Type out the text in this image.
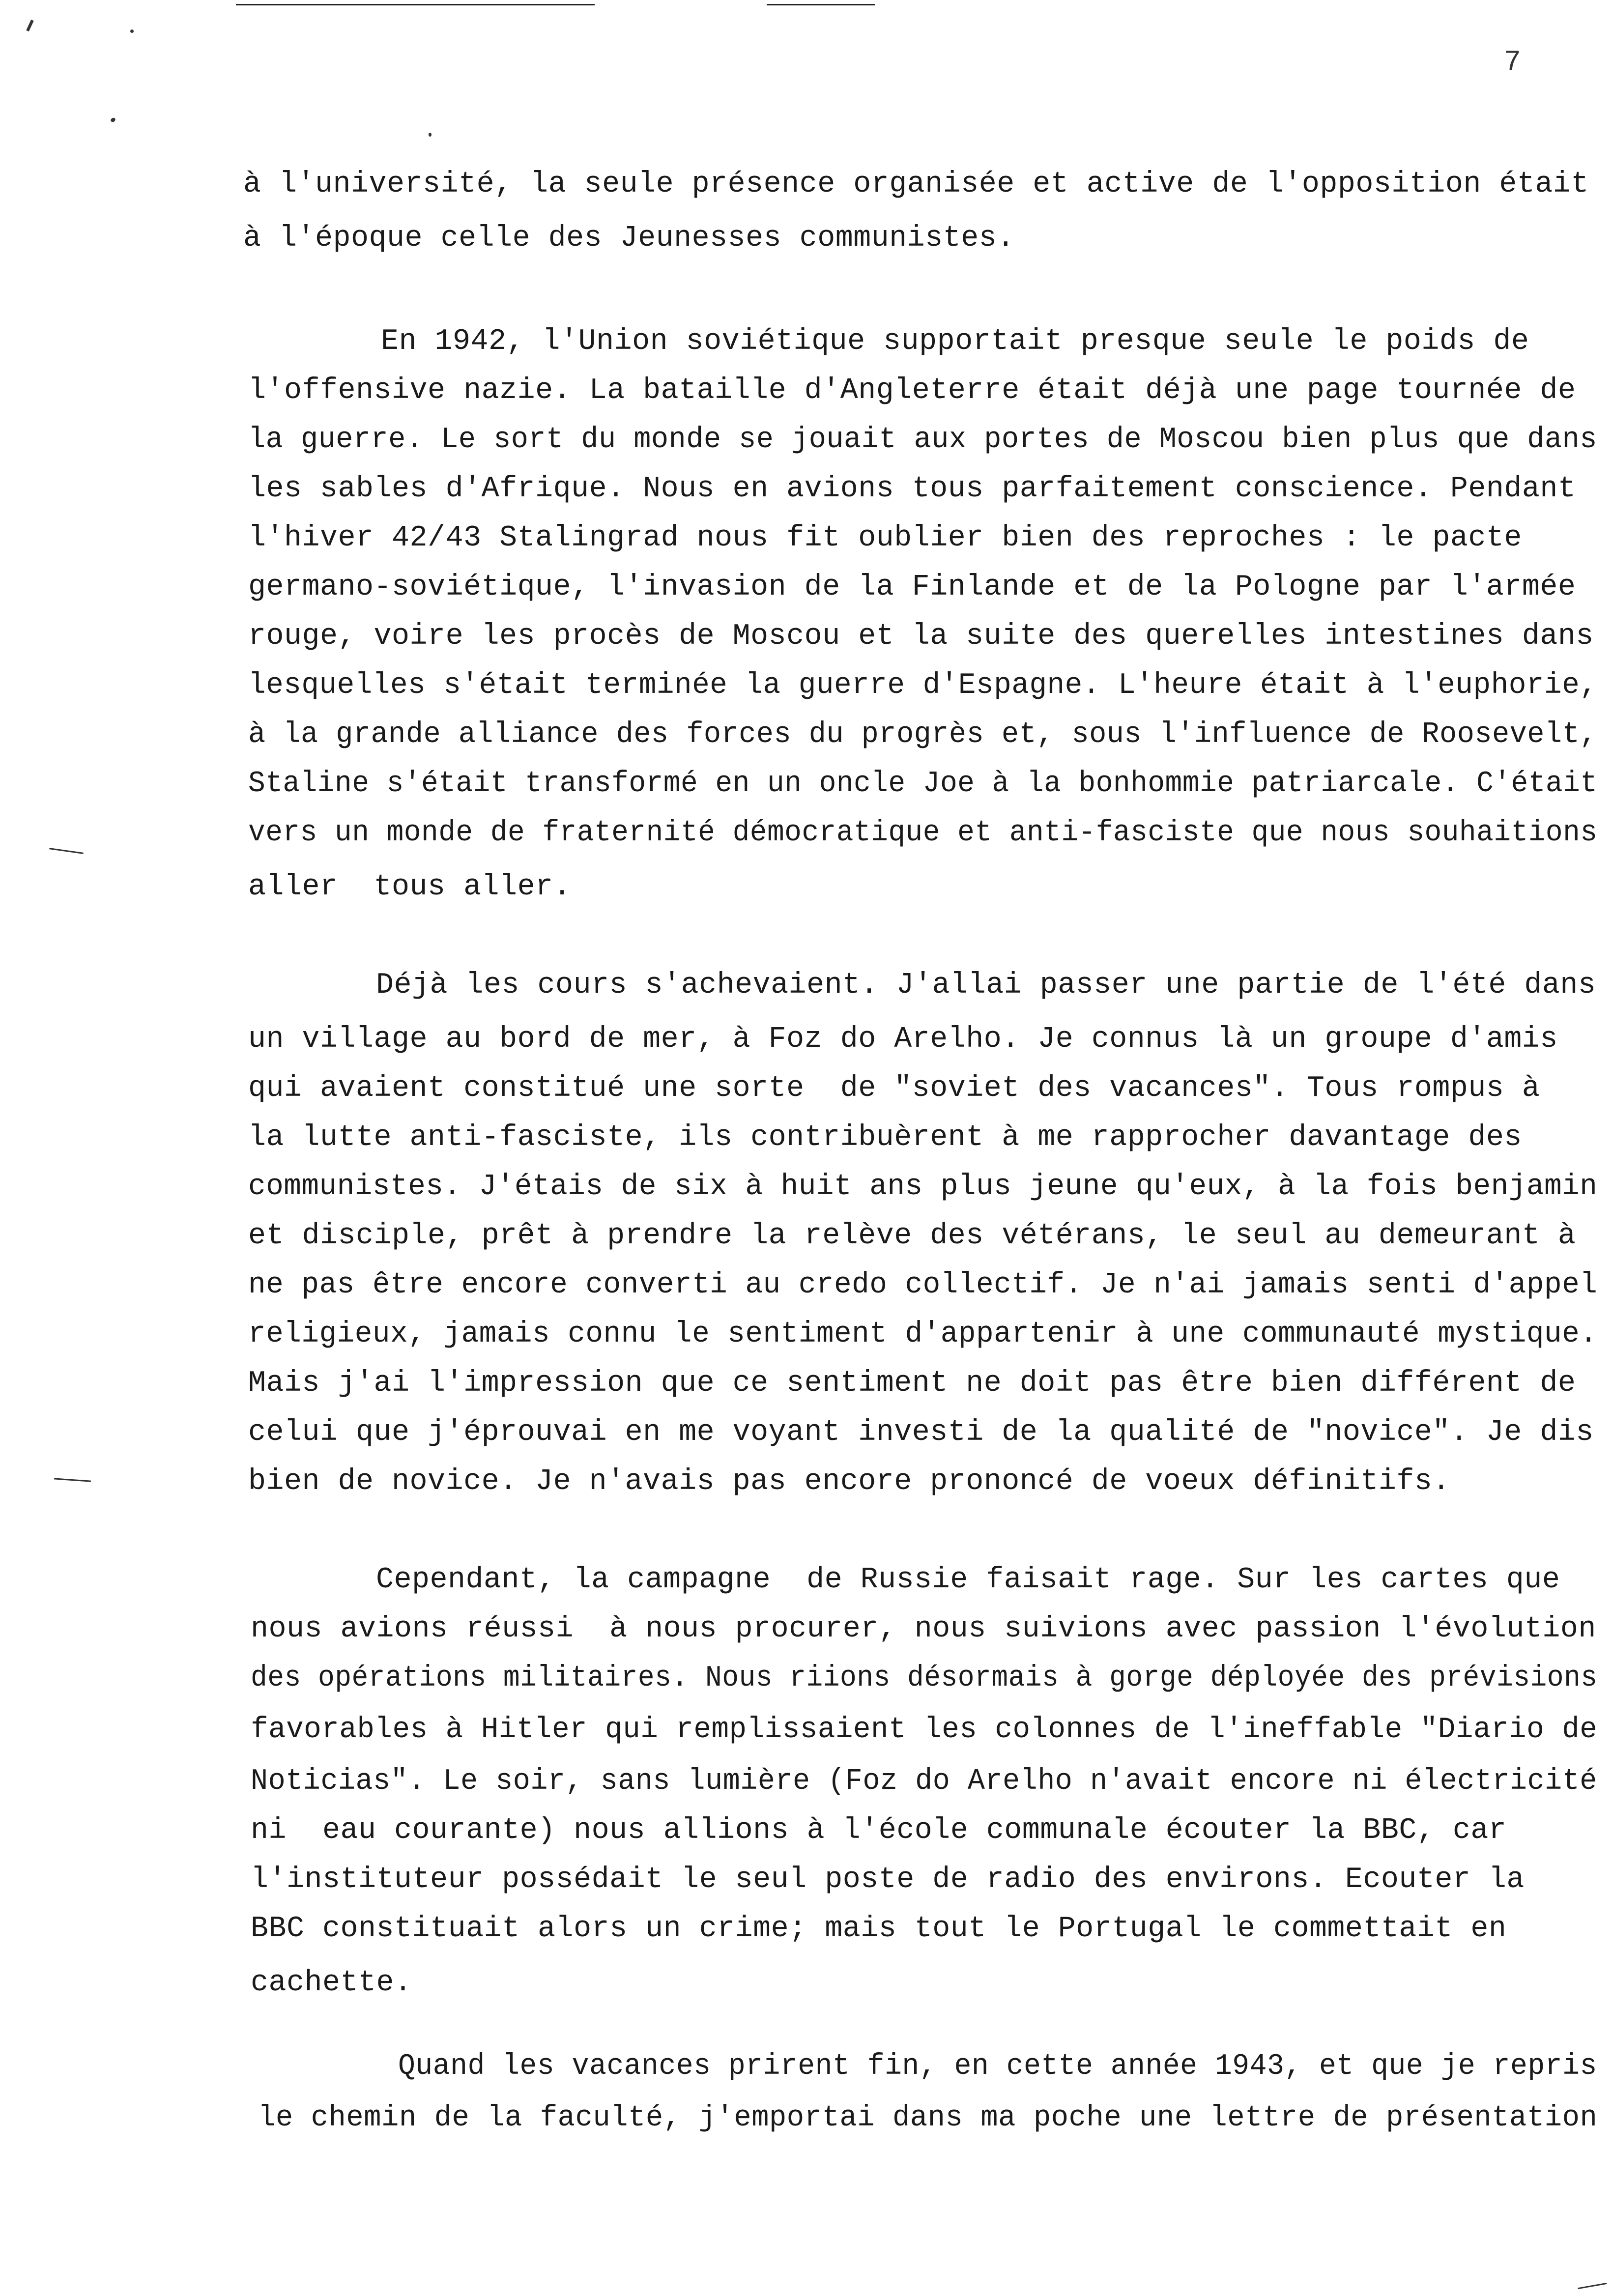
7
à l'université, la seule présence organisée et active de l'opposition était
à l'époque celle des Jeunesses communistes.
En 1942, l'Union soviétique supportait presque seule le poids de
l'offensive nazie. La bataille d'Angleterre était déjà une page tournée de
la guerre. Le sort du monde se jouait aux portes de Moscou bien plus que dans
les sables d'Afrique. Nous en avions tous parfaitement conscience. Pendant
l'hiver 42/43 Stalingrad nous fit oublier bien des reproches : le pacte
germano-soviétique, l'invasion de la Finlande et de la Pologne par l'armée
rouge, voire les procès de Moscou et la suite des querelles intestines dans
lesquelles s'était terminée la guerre d'Espagne. L'heure était à l'euphorie,
à la grande alliance des forces du progrès et, sous l'influence de Roosevelt,
Staline s'était transformé en un oncle Joe à la bonhommie patriarcale. C'était
vers un monde de fraternité démocratique et anti-fasciste que nous souhaitions
aller  tous aller.
Déjà les cours s'achevaient. J'allai passer une partie de l'été dans
un village au bord de mer, à Foz do Arelho. Je connus là un groupe d'amis
qui avaient constitué une sorte  de "soviet des vacances". Tous rompus à
la lutte anti-fasciste, ils contribuèrent à me rapprocher davantage des
communistes. J'étais de six à huit ans plus jeune qu'eux, à la fois benjamin
et disciple, prêt à prendre la relève des vétérans, le seul au demeurant à
ne pas être encore converti au credo collectif. Je n'ai jamais senti d'appel
religieux, jamais connu le sentiment d'appartenir à une communauté mystique.
Mais j'ai l'impression que ce sentiment ne doit pas être bien différent de
celui que j'éprouvai en me voyant investi de la qualité de "novice". Je dis
bien de novice. Je n'avais pas encore prononcé de voeux définitifs.
Cependant, la campagne  de Russie faisait rage. Sur les cartes que
nous avions réussi  à nous procurer, nous suivions avec passion l'évolution
des opérations militaires. Nous riions désormais à gorge déployée des prévisions
favorables à Hitler qui remplissaient les colonnes de l'ineffable "Diario de
Noticias". Le soir, sans lumière (Foz do Arelho n'avait encore ni électricité
ni  eau courante) nous allions à l'école communale écouter la BBC, car
l'instituteur possédait le seul poste de radio des environs. Ecouter la
BBC constituait alors un crime; mais tout le Portugal le commettait en
cachette.
Quand les vacances prirent fin, en cette année 1943, et que je repris
le chemin de la faculté, j'emportai dans ma poche une lettre de présentation
